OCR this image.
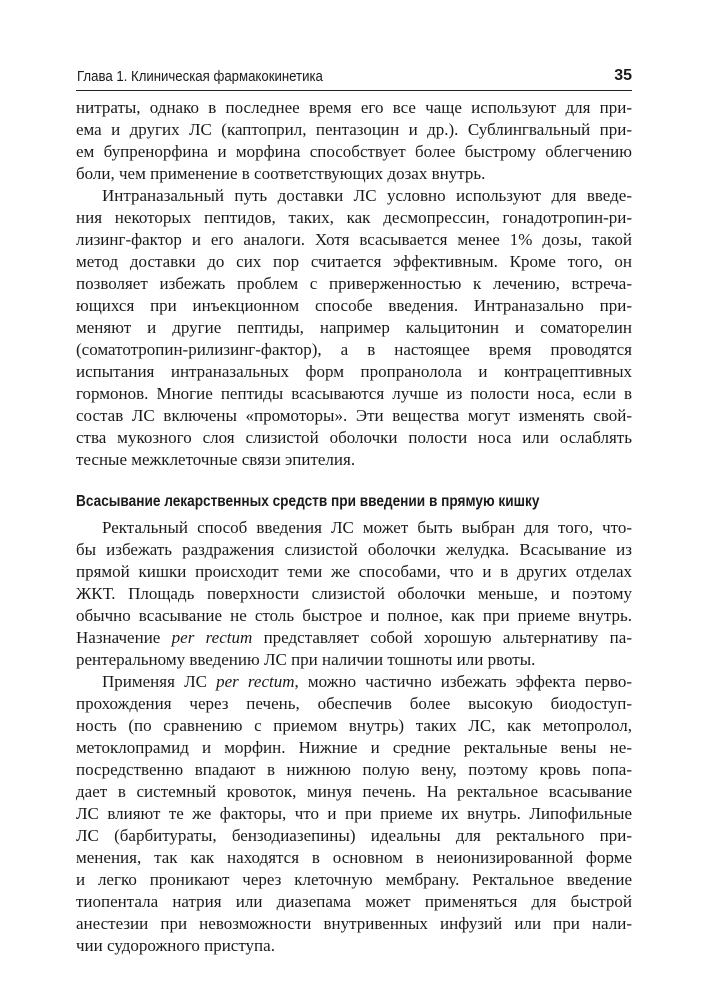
Глава 1. Клиническая фармакокинетика	35
нитраты, однако в последнее время его все чаще используют для при-
ема и других ЛС (каптоприл, пентазоцин и др.). Сублингвальный при-
ем бупренорфина и морфина способствует более быстрому облегчению
боли, чем применение в соответствующих дозах внутрь.
Интраназальный путь доставки ЛС условно используют для введе-
ния некоторых пептидов, таких, как десмопрессин, гонадотропин-ри-
лизинг-фактор и его аналоги. Хотя всасывается менее 1% дозы, такой
метод доставки до сих пор считается эффективным. Кроме того, он
позволяет избежать проблем с приверженностью к лечению, встреча-
ющихся при инъекционном способе введения. Интраназально при-
меняют и другие пептиды, например кальцитонин и соматорелин
(соматотропин-рилизинг-фактор), а в настоящее время проводятся
испытания интраназальных форм пропранолола и контрацептивных
гормонов. Многие пептиды всасываются лучше из полости носа, если в
состав ЛС включены «промоторы». Эти вещества могут изменять свой-
ства мукозного слоя слизистой оболочки полости носа или ослаблять
тесные межклеточные связи эпителия.
Всасывание лекарственных средств при введении в прямую кишку
Ректальный способ введения ЛС может быть выбран для того, что-
бы избежать раздражения слизистой оболочки желудка. Всасывание из
прямой кишки происходит теми же способами, что и в других отделах
ЖКТ. Площадь поверхности слизистой оболочки меньше, и поэтому
обычно всасывание не столь быстрое и полное, как при приеме внутрь.
Назначение per rectum представляет собой хорошую альтернативу па-
рентеральному введению ЛС при наличии тошноты или рвоты.
Применяя ЛС per rectum, можно частично избежать эффекта перво-
прохождения через печень, обеспечив более высокую биодоступ-
ность (по сравнению с приемом внутрь) таких ЛС, как метопролол,
метоклопрамид и морфин. Нижние и средние ректальные вены не-
посредственно впадают в нижнюю полую вену, поэтому кровь попа-
дает в системный кровоток, минуя печень. На ректальное всасывание
ЛС влияют те же факторы, что и при приеме их внутрь. Липофильные
ЛС (барбитураты, бензодиазепины) идеальны для ректального при-
менения, так как находятся в основном в неионизированной форме
и легко проникают через клеточную мембрану. Ректальное введение
тиопентала натрия или диазепама может применяться для быстрой
анестезии при невозможности внутривенных инфузий или при нали-
чии судорожного приступа.
